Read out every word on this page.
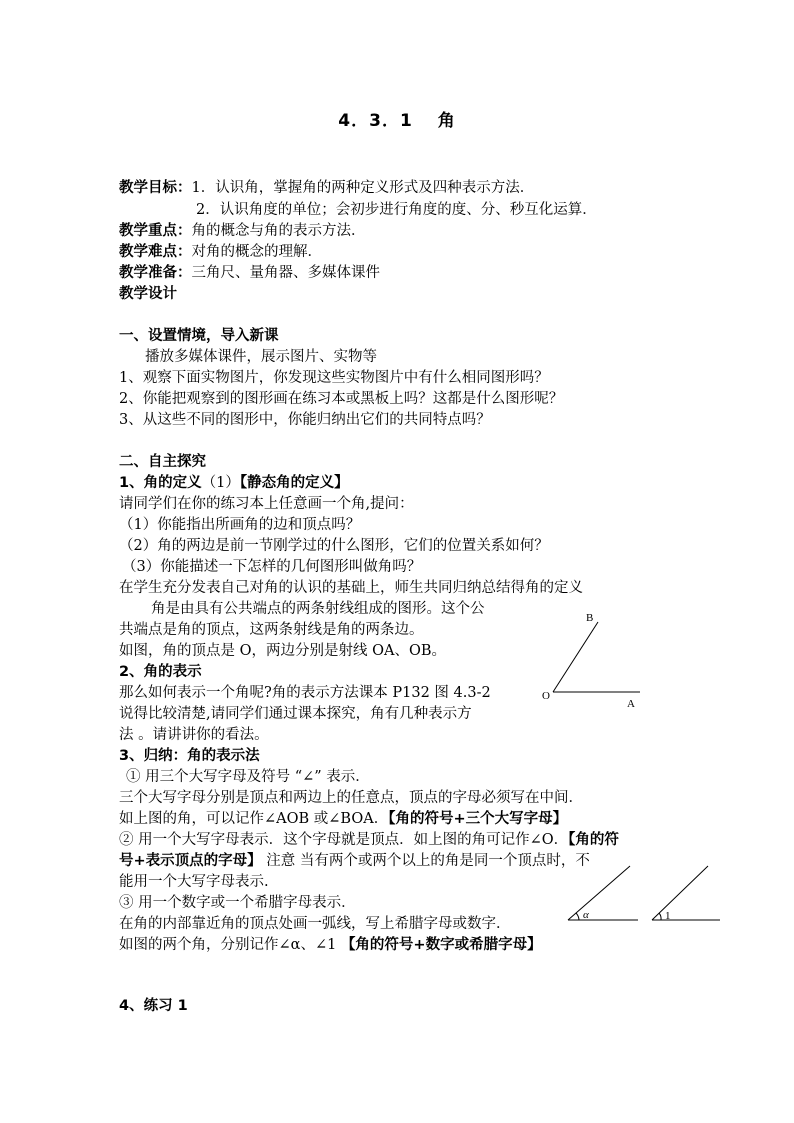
4．3．1　 角
教学目标：1．认识角，掌握角的两种定义形式及四种表示方法．
2．认识角度的单位；会初步进行角度的度、分、秒互化运算．
教学重点：角的概念与角的表示方法．
教学难点：对角的概念的理解．
教学准备：三角尺、量角器、多媒体课件
教学设计
一、设置情境，导入新课
播放多媒体课件，展示图片、实物等
1、观察下面实物图片，你发现这些实物图片中有什么相同图形吗？
2、你能把观察到的图形画在练习本或黑板上吗？这都是什么图形呢？
3、从这些不同的图形中，你能归纳出它们的共同特点吗？
二、自主探究
1、角的定义（1）【静态角的定义】
请同学们在你的练习本上任意画一个角,提问：
（1）你能指出所画角的边和顶点吗？
（2）角的两边是前一节刚学过的什么图形，它们的位置关系如何？
（3）你能描述一下怎样的几何图形叫做角吗？
在学生充分发表自己对角的认识的基础上，师生共同归纳总结得角的定义
角是由具有公共端点的两条射线组成的图形。这个公
共端点是角的顶点，这两条射线是角的两条边。
如图，角的顶点是 O，两边分别是射线 OA、OB。
2、角的表示
那么如何表示一个角呢?角的表示方法课本 P132 图 4.3-2
说得比较清楚,请同学们通过课本探究，角有几种表示方
法 。请讲讲你的看法。
3、归纳：角的表示法
① 用三个大写字母及符号 “∠” 表示．
三个大写字母分别是顶点和两边上的任意点，顶点的字母必须写在中间．
如上图的角，可以记作∠AOB 或∠BOA．【角的符号+三个大写字母】
② 用一个大写字母表示．这个字母就是顶点．如上图的角可记作∠O．【角的符
号+表示顶点的字母】 注意 当有两个或两个以上的角是同一个顶点时，不
能用一个大写字母表示.
③ 用一个数字或一个希腊字母表示．
在角的内部靠近角的顶点处画一弧线，写上希腊字母或数字．
如图的两个角，分别记作∠α、∠1 【角的符号+数字或希腊字母】
4、练习 1
B
O
A
α	1
